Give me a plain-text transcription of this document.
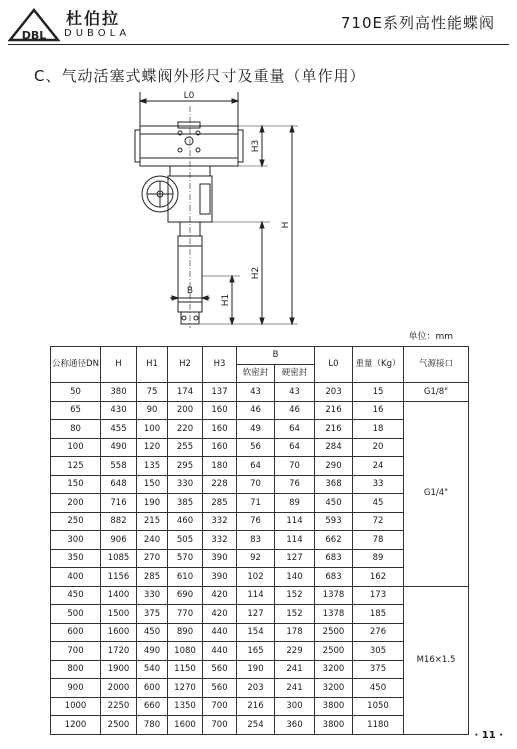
DBL
杜伯拉
DUBOLA
710E系列高性能蝶阀
C、气动活塞式蝶阀外形尺寸及重量（单作用）
L0
B
H3
H2
H1
H
单位：mm
公称通径DN	H	H1	H2	H3	B		L0	重量（Kg）	气源接口
					软密封	硬密封			
50	380	75	174	137	43	43	203	15	G1/8"
65	430	90	200	160	46	46	216	16	G1/4"
80	455	100	220	160	49	64	216	18	
100	490	120	255	160	56	64	284	20	
125	558	135	295	180	64	70	290	24	
150	648	150	330	228	70	76	368	33	
200	716	190	385	285	71	89	450	45	
250	882	215	460	332	76	114	593	72	
300	906	240	505	332	83	114	662	78	
350	1085	270	570	390	92	127	683	89	
400	1156	285	610	390	102	140	683	162	
450	1400	330	690	420	114	152	1378	173	M16×1.5
500	1500	375	770	420	127	152	1378	185	
600	1600	450	890	440	154	178	2500	276	
700	1720	490	1080	440	165	229	2500	305	
800	1900	540	1150	560	190	241	3200	375	
900	2000	600	1270	560	203	241	3200	450	
1000	2250	660	1350	700	216	300	3800	1050	
1200	2500	780	1600	700	254	360	3800	1180	
· 11 ·
